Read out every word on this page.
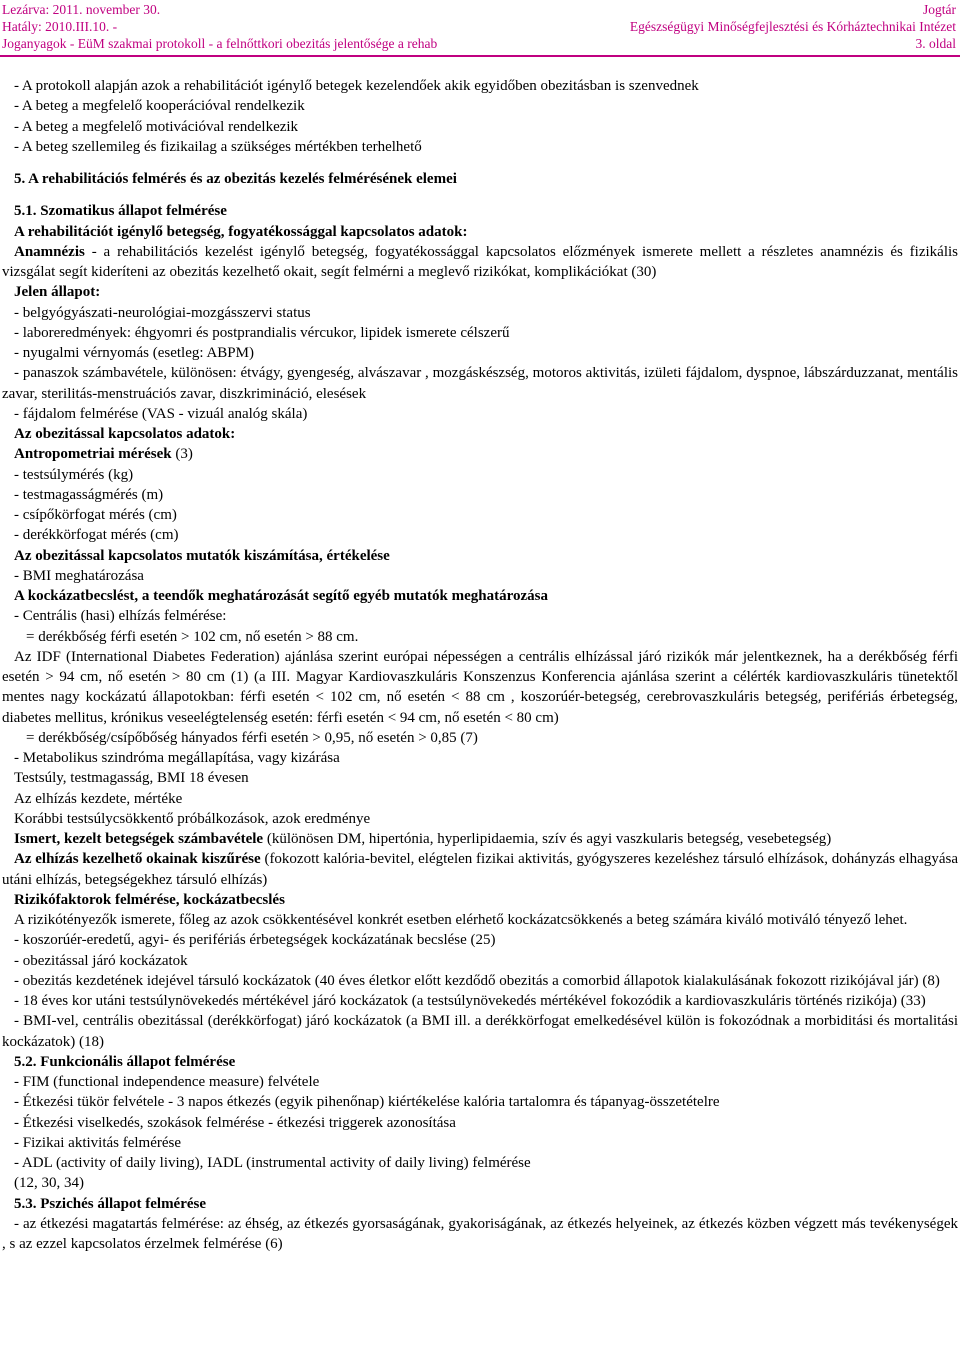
Lezárva: 2011. november 30.	Jogtár
Hatály: 2010.III.10. -	Egészségügyi Minőségfejlesztési és Kórháztechnikai Intézet
Joganyagok - EüM szakmai protokoll - a felnőttkori obezitás jelentősége a rehab	3. oldal

- A protokoll alapján azok a rehabilitációt igénylő betegek kezelendőek akik egyidőben obezitásban is szenvednek

- A beteg a megfelelő kooperációval rendelkezik

- A beteg a megfelelő motivációval rendelkezik

- A beteg szellemileg és fizikailag a szükséges mértékben terhelhető

5. A rehabilitációs felmérés és az obezitás kezelés felmérésének elemei

5.1. Szomatikus állapot felmérése

A rehabilitációt igénylő betegség, fogyatékossággal kapcsolatos adatok:

Anamnézis - a rehabilitációs kezelést igénylő betegség, fogyatékossággal kapcsolatos előzmények ismerete mellett a részletes anamnézis és fizikális vizsgálat segít kideríteni az obezitás kezelhető okait, segít felmérni a meglevő rizikókat, komplikációkat (30)

Jelen állapot:

- belgyógyászati-neurológiai-mozgásszervi status

- laboreredmények: éhgyomri és postprandialis vércukor, lipidek ismerete célszerű

- nyugalmi vérnyomás (esetleg: ABPM)

- panaszok számbavétele, különösen: étvágy, gyengeség, alvászavar , mozgáskészség, motoros aktivitás, izületi fájdalom, dyspnoe, lábszárduzzanat, mentális zavar, sterilitás-menstruációs zavar, diszkrimináció, elesések

- fájdalom felmérése (VAS - vizuál analóg skála)

Az obezitással kapcsolatos adatok:

Antropometriai mérések (3)

- testsúlymérés (kg)

- testmagasságmérés (m)

- csípőkörfogat mérés (cm)

- derékkörfogat mérés (cm)

Az obezitással kapcsolatos mutatók kiszámítása, értékelése

- BMI meghatározása

A kockázatbecslést, a teendők meghatározását segítő egyéb mutatók meghatározása

- Centrális (hasi) elhízás felmérése:

= derékbőség férfi esetén > 102 cm, nő esetén > 88 cm.

Az IDF (International Diabetes Federation) ajánlása szerint európai népességen a centrális elhízással járó rizikók már jelentkeznek, ha a derékbőség férfi esetén > 94 cm, nő esetén > 80 cm (1) (a III. Magyar Kardiovaszkuláris Konszenzus Konferencia ajánlása szerint a célérték kardiovaszkuláris tünetektől mentes nagy kockázatú állapotokban: férfi esetén < 102 cm, nő esetén < 88 cm , koszorúér-betegség, cerebrovaszkuláris betegség, perifériás érbetegség, diabetes mellitus, krónikus veseelégtelenség esetén: férfi esetén < 94 cm, nő esetén < 80 cm)

= derékbőség/csípőbőség hányados férfi esetén > 0,95, nő esetén > 0,85 (7)

- Metabolikus szindróma megállapítása, vagy kizárása

Testsúly, testmagasság, BMI 18 évesen

Az elhízás kezdete, mértéke

Korábbi testsúlycsökkentő próbálkozások, azok eredménye

Ismert, kezelt betegségek számbavétele (különösen DM, hipertónia, hyperlipidaemia, szív és agyi vaszkularis betegség, vesebetegség)

Az elhízás kezelhető okainak kiszűrése (fokozott kalória-bevitel, elégtelen fizikai aktivitás, gyógyszeres kezeléshez társuló elhízások, dohányzás elhagyása utáni elhízás, betegségekhez társuló elhízás)

Rizikófaktorok felmérése, kockázatbecslés

A rizikótényezők ismerete, főleg az azok csökkentésével konkrét esetben elérhető kockázatcsökkenés a beteg számára kiváló motiváló tényező lehet.

- koszorúér-eredetű, agyi- és perifériás érbetegségek kockázatának becslése (25)

- obezitással járó kockázatok

- obezitás kezdetének idejével társuló kockázatok (40 éves életkor előtt kezdődő obezitás a comorbid állapotok kialakulásának fokozott rizikójával jár) (8)

- 18 éves kor utáni testsúlynövekedés mértékével járó kockázatok (a testsúlynövekedés mértékével fokozódik a kardiovaszkuláris történés rizikója) (33)

- BMI-vel, centrális obezitással (derékkörfogat) járó kockázatok (a BMI ill. a derékkörfogat emelkedésével külön is fokozódnak a morbiditási és mortalitási kockázatok) (18)

5.2. Funkcionális állapot felmérése

- FIM (functional independence measure) felvétele

- Étkezési tükör felvétele - 3 napos étkezés (egyik pihenőnap) kiértékelése kalória tartalomra és tápanyag-összetételre

- Étkezési viselkedés, szokások felmérése - étkezési triggerek azonosítása

- Fizikai aktivitás felmérése

- ADL (activity of daily living), IADL (instrumental activity of daily living) felmérése

(12, 30, 34)

5.3. Pszichés állapot felmérése

- az étkezési magatartás felmérése: az éhség, az étkezés gyorsaságának, gyakoriságának, az étkezés helyeinek, az étkezés közben végzett más tevékenységek , s az ezzel kapcsolatos érzelmek felmérése (6)
